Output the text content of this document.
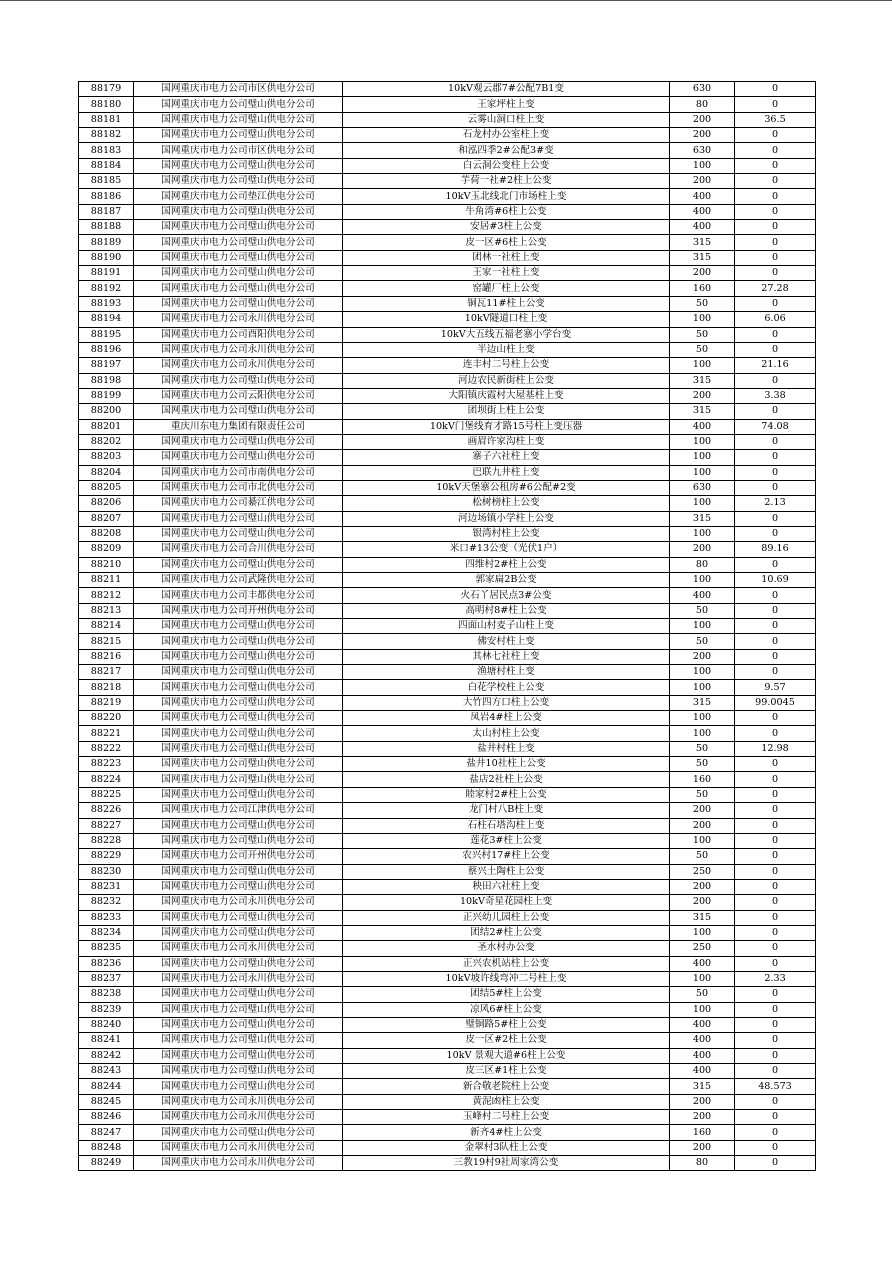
88179	国网重庆市电力公司市区供电分公司	10kV观云郡7#公配7B1变	630	0
88180	国网重庆市电力公司璧山供电分公司	王家坪柱上变	80	0
88181	国网重庆市电力公司璧山供电分公司	云雾山洞口柱上变	200	36.5
88182	国网重庆市电力公司璧山供电分公司	石龙村办公室柱上变	200	0
88183	国网重庆市电力公司市区供电分公司	和泓四季2#公配3#变	630	0
88184	国网重庆市电力公司璧山供电分公司	白云洞公变柱上公变	100	0
88185	国网重庆市电力公司璧山供电分公司	芋荷一社#2柱上公变	200	0
88186	国网重庆市电力公司垫江供电分公司	10kV玉北线北门市场柱上变	400	0
88187	国网重庆市电力公司璧山供电分公司	牛角湾#6柱上公变	400	0
88188	国网重庆市电力公司璧山供电分公司	安居#3柱上公变	400	0
88189	国网重庆市电力公司璧山供电分公司	皮一区#6柱上公变	315	0
88190	国网重庆市电力公司璧山供电分公司	团林一社柱上变	315	0
88191	国网重庆市电力公司璧山供电分公司	王家一社柱上变	200	0
88192	国网重庆市电力公司璧山供电分公司	窑罐厂柱上公变	160	27.28
88193	国网重庆市电力公司璧山供电分公司	铜瓦11#柱上公变	50	0
88194	国网重庆市电力公司永川供电分公司	10kV隧道口柱上变	100	6.06
88195	国网重庆市电力公司酉阳供电分公司	10kV大五线五福老寨小学台变	50	0
88196	国网重庆市电力公司永川供电分公司	半边山柱上变	50	0
88197	国网重庆市电力公司永川供电分公司	连丰村二号柱上公变	100	21.16
88198	国网重庆市电力公司璧山供电分公司	河边农民新街柱上公变	315	0
88199	国网重庆市电力公司云阳供电分公司	大阳镇庆霞村大屋基柱上变	200	3.38
88200	国网重庆市电力公司璧山供电分公司	团坝街上柱上公变	315	0
88201	重庆川东电力集团有限责任公司	10kV门堡线育才路15号柱上变压器	400	74.08
88202	国网重庆市电力公司璧山供电分公司	画眉许家沟柱上变	100	0
88203	国网重庆市电力公司璧山供电分公司	寨子六社柱上变	100	0
88204	国网重庆市电力公司市南供电分公司	巴联九井柱上变	100	0
88205	国网重庆市电力公司市北供电分公司	10kV天堡寨公租房#6公配#2变	630	0
88206	国网重庆市电力公司綦江供电分公司	松树榜柱上公变	100	2.13
88207	国网重庆市电力公司璧山供电分公司	河边场镇小学柱上公变	315	0
88208	国网重庆市电力公司璧山供电分公司	银湾村柱上公变	100	0
88209	国网重庆市电力公司合川供电分公司	米口#13公变（光伏1户）	200	89.16
88210	国网重庆市电力公司璧山供电分公司	四维村2#柱上公变	80	0
88211	国网重庆市电力公司武隆供电分公司	郭家扁2B公变	100	10.69
88212	国网重庆市电力公司丰都供电分公司	火石丫居民点3#公变	400	0
88213	国网重庆市电力公司开州供电分公司	高明村8#柱上公变	50	0
88214	国网重庆市电力公司璧山供电分公司	四面山村麦子山柱上变	100	0
88215	国网重庆市电力公司璧山供电分公司	佛安村柱上变	50	0
88216	国网重庆市电力公司璧山供电分公司	其林七社柱上变	200	0
88217	国网重庆市电力公司璧山供电分公司	渔塘村柱上变	100	0
88218	国网重庆市电力公司璧山供电分公司	白花学校柱上公变	100	9.57
88219	国网重庆市电力公司璧山供电分公司	大竹四方口柱上公变	315	99.0045
88220	国网重庆市电力公司璧山供电分公司	凤岩4#柱上公变	100	0
88221	国网重庆市电力公司璧山供电分公司	太山村柱上公变	100	0
88222	国网重庆市电力公司璧山供电分公司	盐井村柱上变	50	12.98
88223	国网重庆市电力公司璧山供电分公司	盐井10社柱上公变	50	0
88224	国网重庆市电力公司璧山供电分公司	盐店2社柱上公变	160	0
88225	国网重庆市电力公司璧山供电分公司	睦家村2#柱上公变	50	0
88226	国网重庆市电力公司江津供电分公司	龙门村八B柱上变	200	0
88227	国网重庆市电力公司璧山供电分公司	石柱石塔沟柱上变	200	0
88228	国网重庆市电力公司璧山供电分公司	莲花3#柱上公变	100	0
88229	国网重庆市电力公司开州供电分公司	农兴村17#柱上公变	50	0
88230	国网重庆市电力公司璧山供电分公司	蔡兴土陶柱上公变	250	0
88231	国网重庆市电力公司璧山供电分公司	秧田六社柱上变	200	0
88232	国网重庆市电力公司永川供电分公司	10kV奇星花园柱上变	200	0
88233	国网重庆市电力公司璧山供电分公司	正兴幼儿园柱上公变	315	0
88234	国网重庆市电力公司璧山供电分公司	团结2#柱上公变	100	0
88235	国网重庆市电力公司永川供电分公司	圣水村办公变	250	0
88236	国网重庆市电力公司璧山供电分公司	正兴农机站柱上公变	400	0
88237	国网重庆市电力公司永川供电分公司	10kV坡许线弯冲二号柱上变	100	2.33
88238	国网重庆市电力公司璧山供电分公司	团结5#柱上公变	50	0
88239	国网重庆市电力公司璧山供电分公司	凉风6#柱上公变	100	0
88240	国网重庆市电力公司璧山供电分公司	璧铜路5#柱上公变	400	0
88241	国网重庆市电力公司璧山供电分公司	皮一区#2柱上公变	400	0
88242	国网重庆市电力公司璧山供电分公司	10kV 景观大道#6柱上公变	400	0
88243	国网重庆市电力公司璧山供电分公司	皮三区#1柱上公变	400	0
88244	国网重庆市电力公司璧山供电分公司	新合敬老院柱上公变	315	48.573
88245	国网重庆市电力公司永川供电分公司	黄泥凼柱上公变	200	0
88246	国网重庆市电力公司永川供电分公司	玉峰村二号柱上公变	200	0
88247	国网重庆市电力公司璧山供电分公司	新齐4#柱上公变	160	0
88248	国网重庆市电力公司永川供电分公司	金翠村3队柱上公变	200	0
88249	国网重庆市电力公司永川供电分公司	三教19村9社周家湾公变	80	0
